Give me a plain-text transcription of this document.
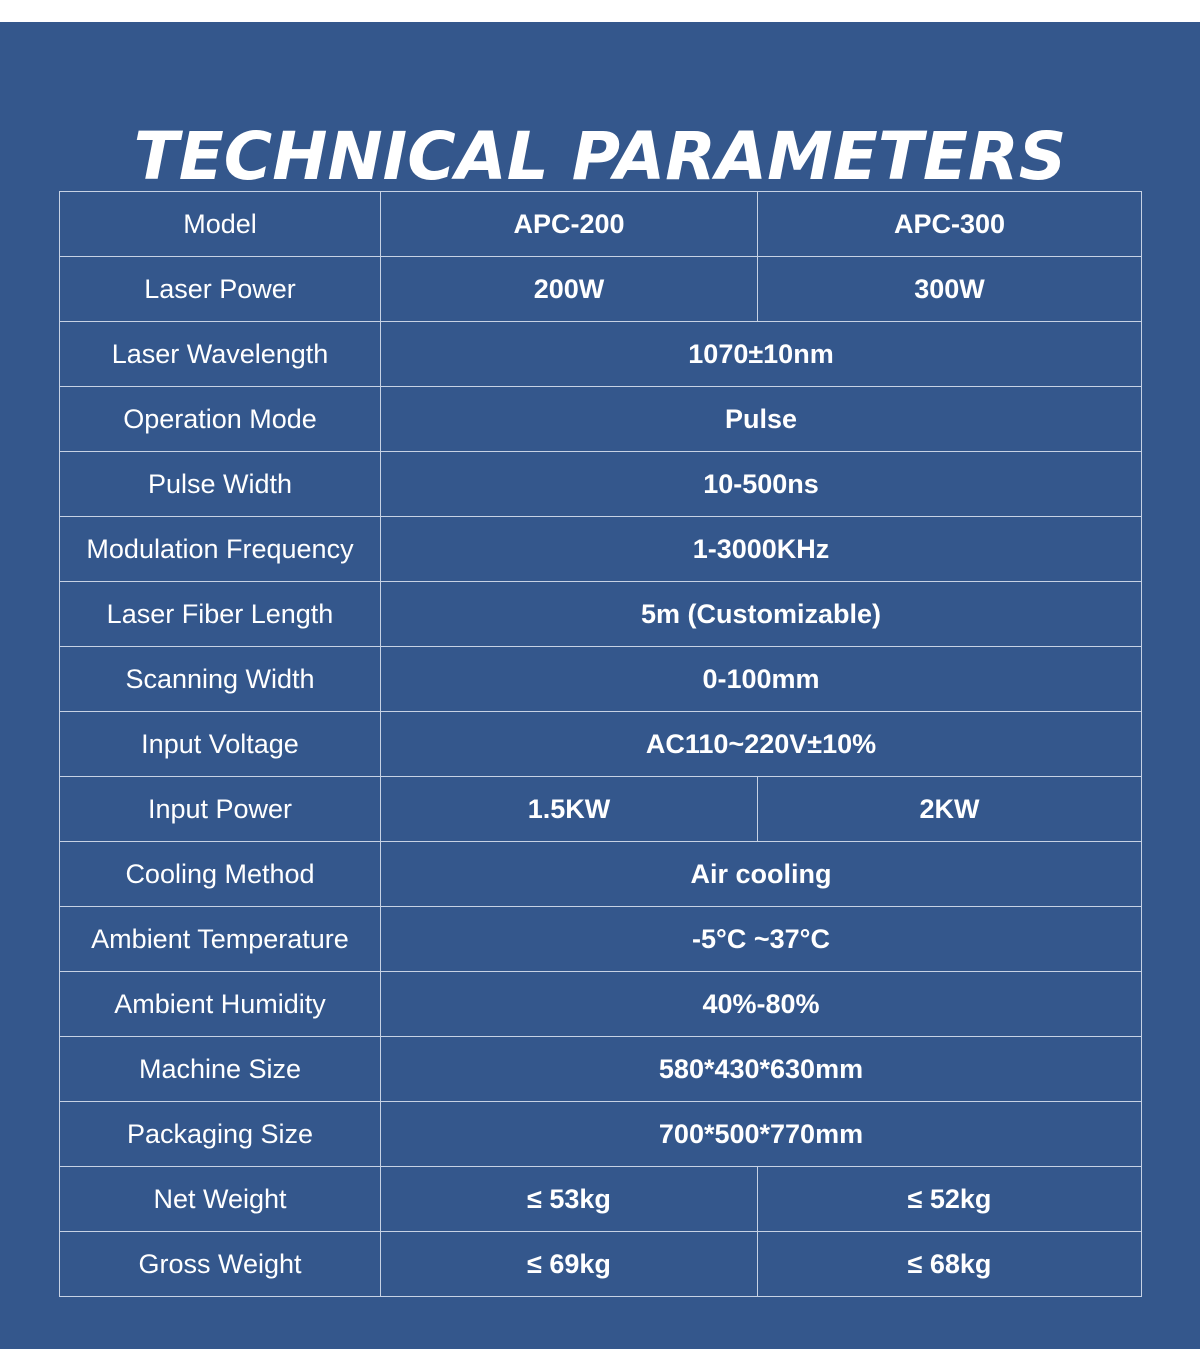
TECHNICAL PARAMETERS
Model	APC-200	APC-300
Laser Power	200W	300W
Laser Wavelength	1070±10nm	
Operation Mode	Pulse	
Pulse Width	10-500ns	
Modulation Frequency	1-3000KHz	
Laser Fiber Length	5m (Customizable)	
Scanning Width	0-100mm	
Input Voltage	AC110~220V±10%	
Input Power	1.5KW	2KW
Cooling Method	Air cooling	
Ambient Temperature	-5°C ~37°C	
Ambient Humidity	40%-80%	
Machine Size	580*430*630mm	
Packaging Size	700*500*770mm	
Net Weight	≤ 53kg	≤ 52kg
Gross Weight	≤ 69kg	≤ 68kg
